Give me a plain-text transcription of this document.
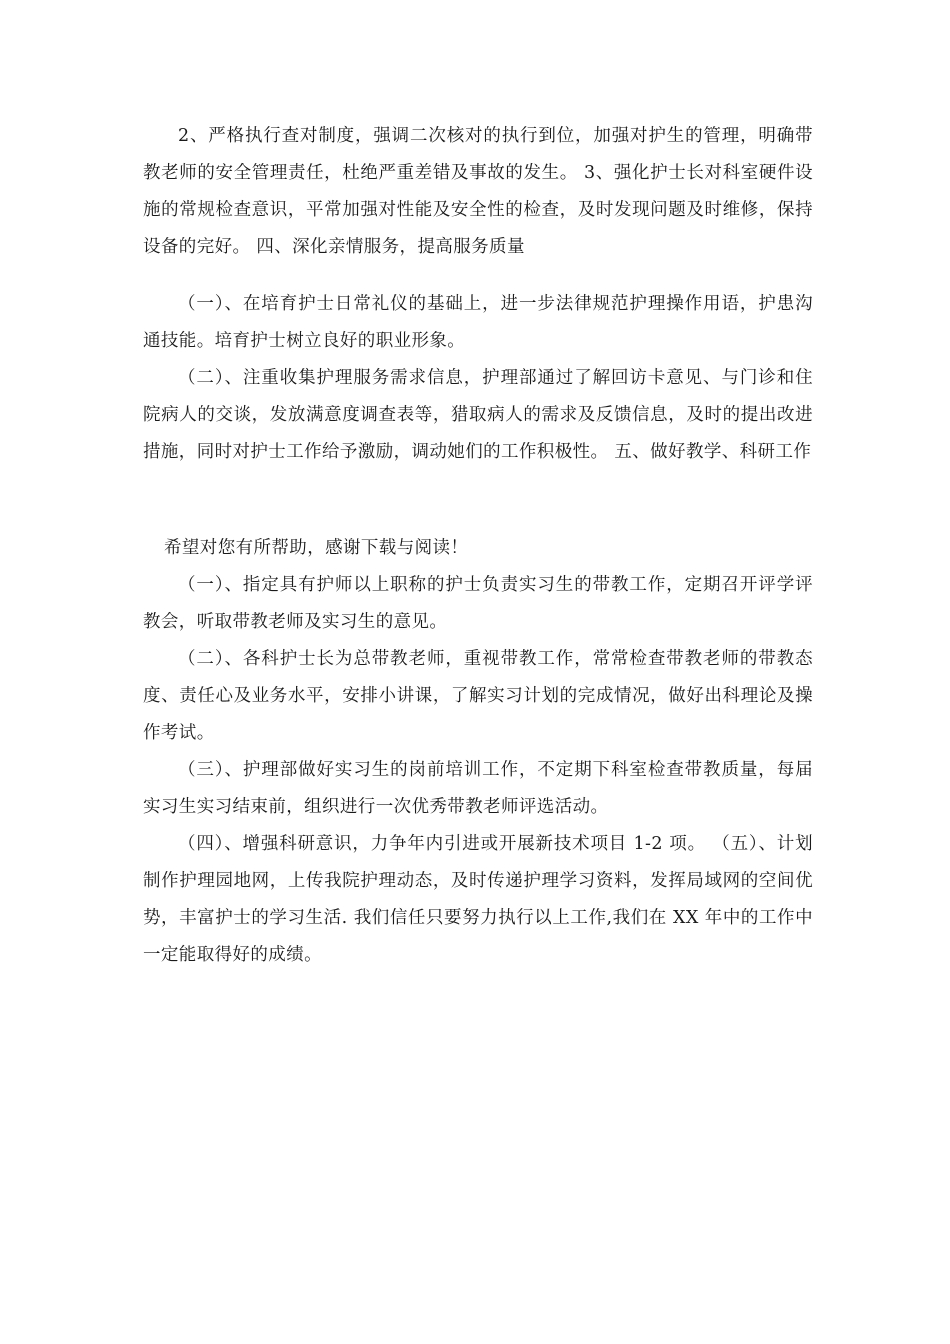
2、严格执行查对制度，强调二次核对的执行到位，加强对护生的管理，明确带教老师的安全管理责任，杜绝严重差错及事故的发生。 3、强化护士长对科室硬件设施的常规检查意识，平常加强对性能及安全性的检查，及时发现问题及时维修，保持设备的完好。 四、深化亲情服务，提高服务质量

（一）、在培育护士日常礼仪的基础上，进一步法律规范护理操作用语，护患沟通技能。培育护士树立良好的职业形象。

（二）、注重收集护理服务需求信息，护理部通过了解回访卡意见、与门诊和住院病人的交谈，发放满意度调查表等，猎取病人的需求及反馈信息，及时的提出改进措施，同时对护士工作给予激励，调动她们的工作积极性。 五、做好教学、科研工作

希望对您有所帮助，感谢下载与阅读！

（一）、指定具有护师以上职称的护士负责实习生的带教工作，定期召开评学评教会，听取带教老师及实习生的意见。

（二）、各科护士长为总带教老师，重视带教工作，常常检查带教老师的带教态度、责任心及业务水平，安排小讲课，了解实习计划的完成情况，做好出科理论及操作考试。

（三）、护理部做好实习生的岗前培训工作，不定期下科室检查带教质量，每届实习生实习结束前，组织进行一次优秀带教老师评选活动。

（四）、增强科研意识，力争年内引进或开展新技术项目 1-2 项。 （五）、计划制作护理园地网，上传我院护理动态，及时传递护理学习资料，发挥局域网的空间优势，丰富护士的学习生活. 我们信任只要努力执行以上工作,我们在 XX 年中的工作中一定能取得好的成绩。
